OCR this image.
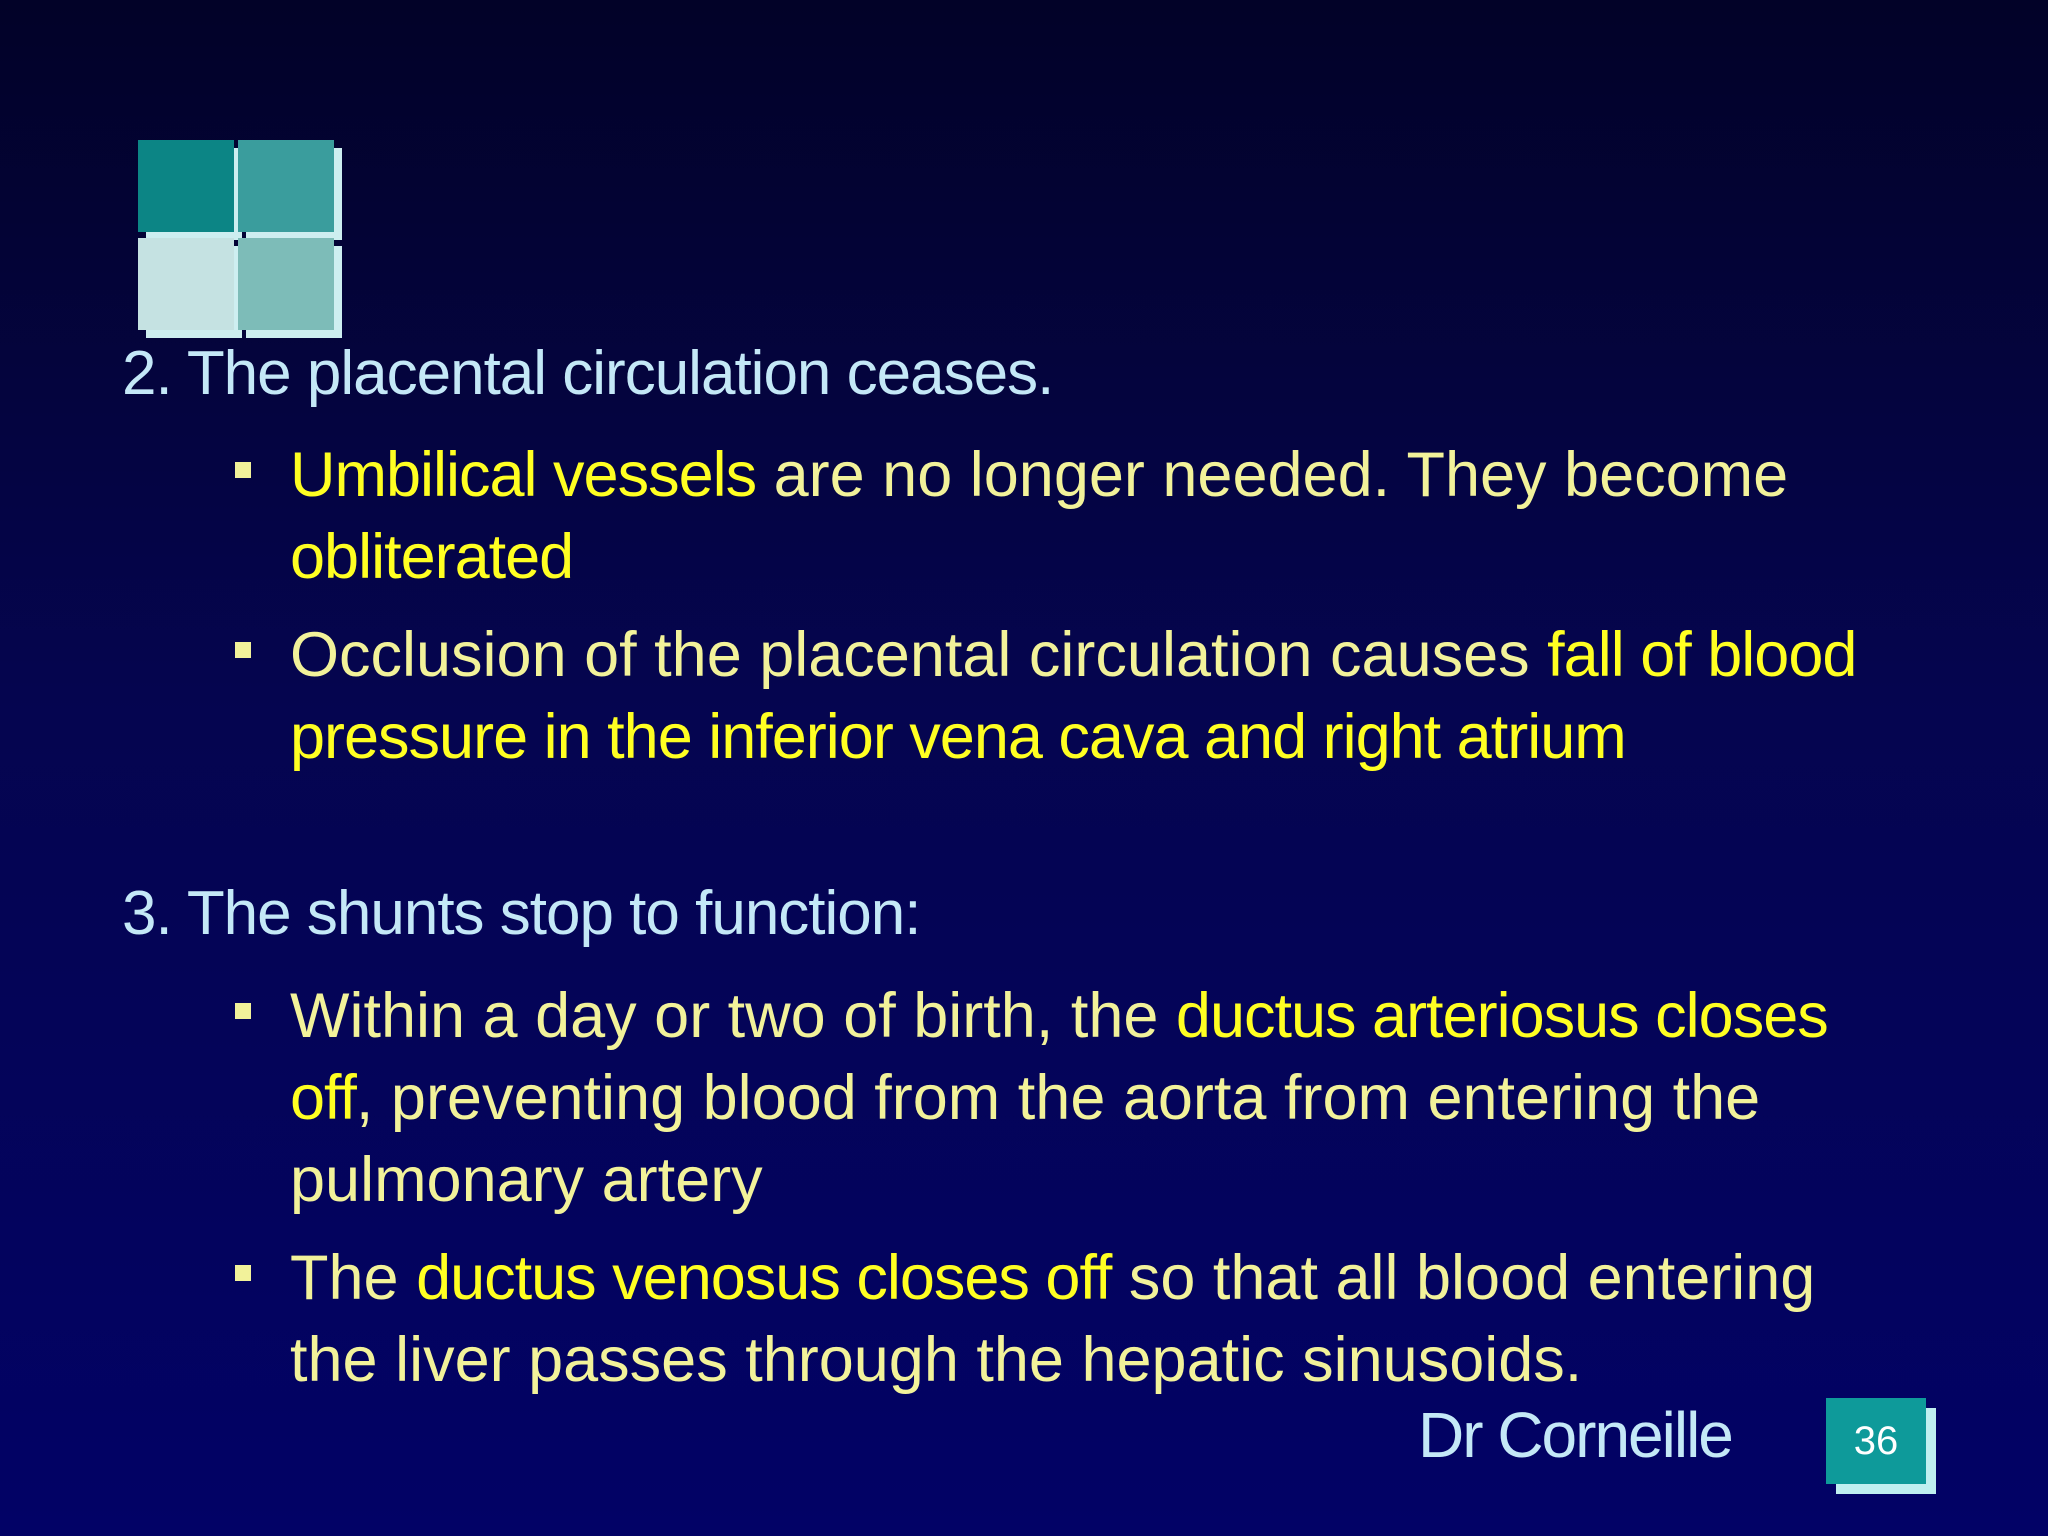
2. The placental circulation ceases.

Umbilical vessels are no longer needed. They become obliterated

Occlusion of the placental circulation causes fall of blood pressure in the inferior vena cava and right atrium

3. The shunts stop to function:

Within a day or two of birth, the ductus arteriosus closes off, preventing blood from the aorta from entering the pulmonary artery

The ductus venosus closes off so that all blood entering the liver passes through the hepatic sinusoids.

Dr Corneille	36
